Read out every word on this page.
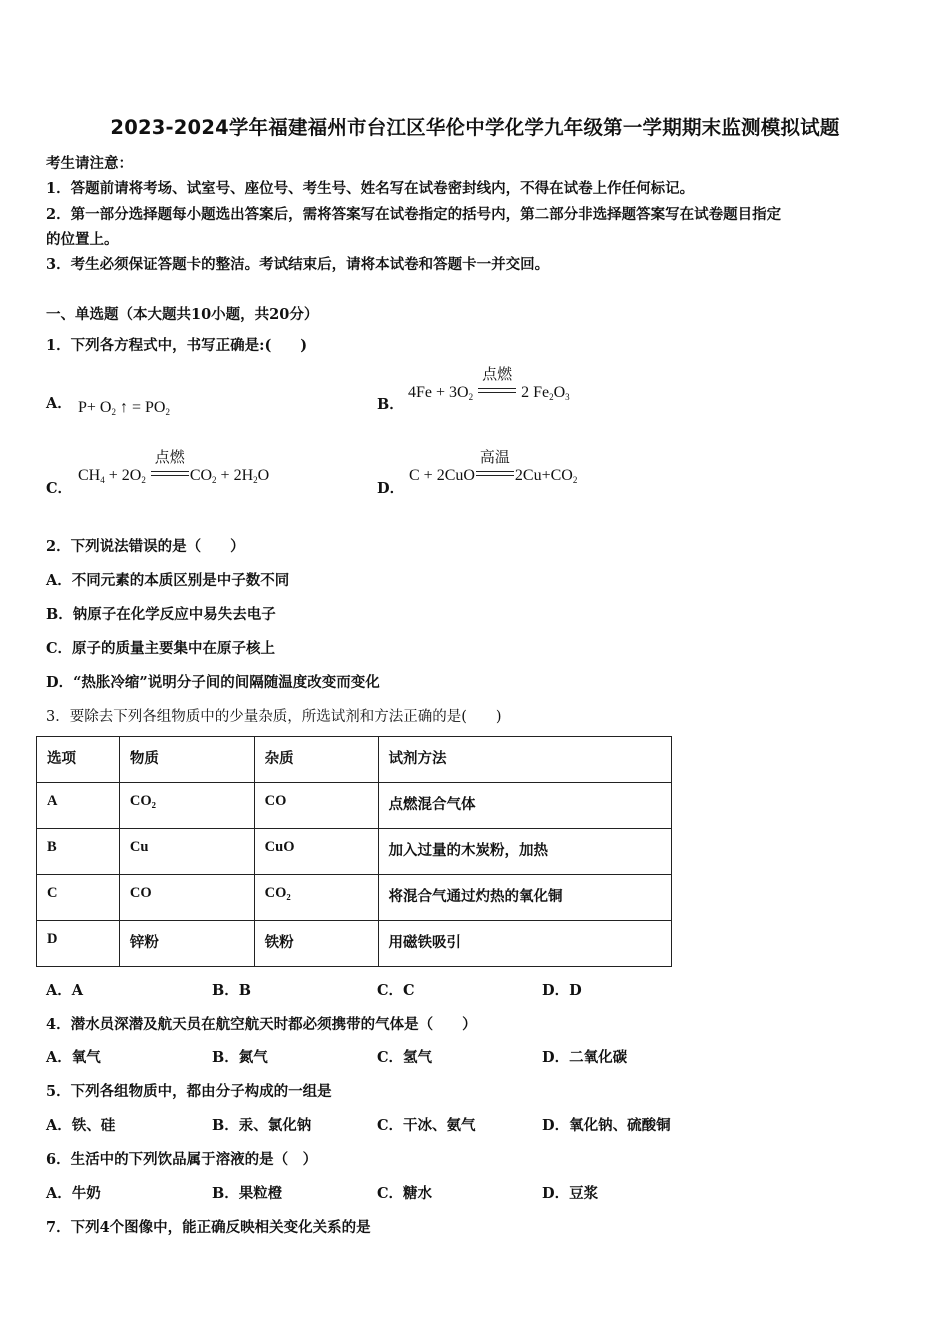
2023-2024学年福建福州市台江区华伦中学化学九年级第一学期期末监测模拟试题
考生请注意：
1．答题前请将考场、试室号、座位号、考生号、姓名写在试卷密封线内，不得在试卷上作任何标记。
2．第一部分选择题每小题选出答案后，需将答案写在试卷指定的括号内，第二部分非选择题答案写在试卷题目指定
的位置上。
3．考生必须保证答题卡的整洁。考试结束后，请将本试卷和答题卡一并交回。
一、单选题（本大题共10小题，共20分）
1．下列各方程式中，书写正确是:(　　)
A． $P+ O_2$ ↑ = $PO_2$	B．
$4Fe + 3O_2$
点燃
2 $Fe_2O_3$
C．
$CH_4 + 2O_2$
点燃
$CO_2 + 2H_2O$
D．
C + 2CuO
高温
$2Cu+CO_2$
2．下列说法错误的是（　　）
A．不同元素的本质区别是中子数不同
B．钠原子在化学反应中易失去电子
C．原子的质量主要集中在原子核上
D．“热胀冷缩”说明分子间的间隔随温度改变而变化
3．要除去下列各组物质中的少量杂质，所选试剂和方法正确的是(　　)
选项	物质	杂质	试剂方法
A	CO₂	CO	点燃混合气体
B	Cu	CuO	加入过量的木炭粉，加热
C	CO	CO₂	将混合气通过灼热的氧化铜
D	锌粉	铁粉	用磁铁吸引
A．A	B．B	C．C	D．D
4．潜水员深潜及航天员在航空航天时都必须携带的气体是（　　）
A．氧气	B．氮气	C．氢气	D．二氧化碳
5．下列各组物质中，都由分子构成的一组是
A．铁、硅	B．汞、氯化钠	C．干冰、氨气	D．氧化钠、硫酸铜
6．生活中的下列饮品属于溶液的是（　）
A．牛奶	B．果粒橙	C．糖水	D．豆浆
7．下列4个图像中，能正确反映相关变化关系的是
